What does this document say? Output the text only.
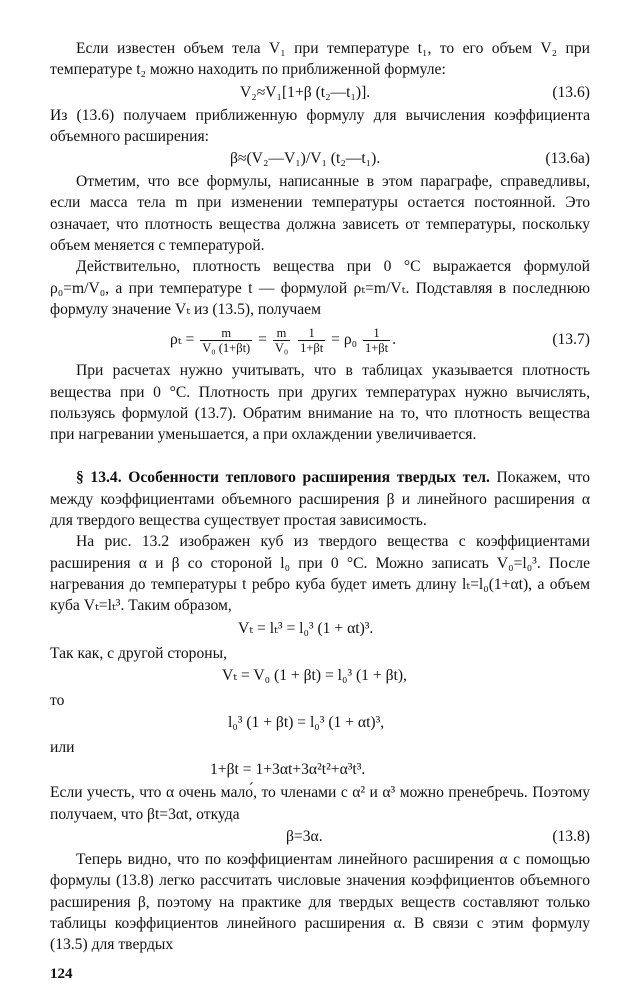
Если известен объем тела V₁ при температуре t₁, то его объем V₂ при температуре t₂ можно находить по приближенной формуле:

V₂≈V₁[1+β (t₂—t₁)].	(13.6)

Из (13.6) получаем приближенную формулу для вычисления коэффициента объемного расширения:

β≈(V₂—V₁)/V₁ (t₂—t₁).	(13.6а)

Отметим, что все формулы, написанные в этом параграфе, справедливы, если масса тела m при изменении температуры остается постоянной. Это означает, что плотность вещества должна зависеть от температуры, поскольку объем меняется с температурой.

Действительно, плотность вещества при 0 °C выражается формулой ρ₀=m/V₀, а при температуре t — формулой ρₜ=m/Vₜ. Подставляя в последнюю формулу значение Vₜ из (13.5), получаем

$\rho_t = \frac{m}{\text{V₀ (1+βt)}} = \frac{m}{\text{V₀}}$
$\frac{1}{1+\beta t} = \rho_0 \frac{1}{1+\beta t}$ .	(13.7)

При расчетах нужно учитывать, что в таблицах указывается плотность вещества при 0 °C. Плотность при других температурах нужно вычислять, пользуясь формулой (13.7). Обратим внимание на то, что плотность вещества при нагревании уменьшается, а при охлаждении увеличивается.

§ 13.4. Особенности теплового расширения твердых тел. Покажем, что между коэффициентами объемного расширения β и линейного расширения α для твердого вещества существует простая зависимость.

На рис. 13.2 изображен куб из твердого вещества с коэффициентами расширения α и β со стороной l₀ при 0 °C. Можно записать V₀=l₀³. После нагревания до температуры t ребро куба будет иметь длину lₜ=l₀(1+αt), а объем куба Vₜ=lₜ³. Таким образом,

Vₜ = lₜ³ = l₀³ (1 + αt)³.

Так как, с другой стороны,

Vₜ = V₀ (1 + βt) = l₀³ (1 + βt),

то

l₀³ (1 + βt) = l₀³ (1 + αt)³,

или

1+βt = 1+3αt+3α²t²+α³t³.

Если учесть, что α очень мало́, то членами с α² и α³ можно пренебречь. Поэтому получаем, что βt=3αt, откуда

β=3α.	(13.8)

Теперь видно, что по коэффициентам линейного расширения α с помощью формулы (13.8) легко рассчитать числовые значения коэффициентов объемного расширения β, поэтому на практике для твердых веществ составляют только таблицы коэффициентов линейного расширения α. В связи с этим формулу (13.5) для твердых

124
